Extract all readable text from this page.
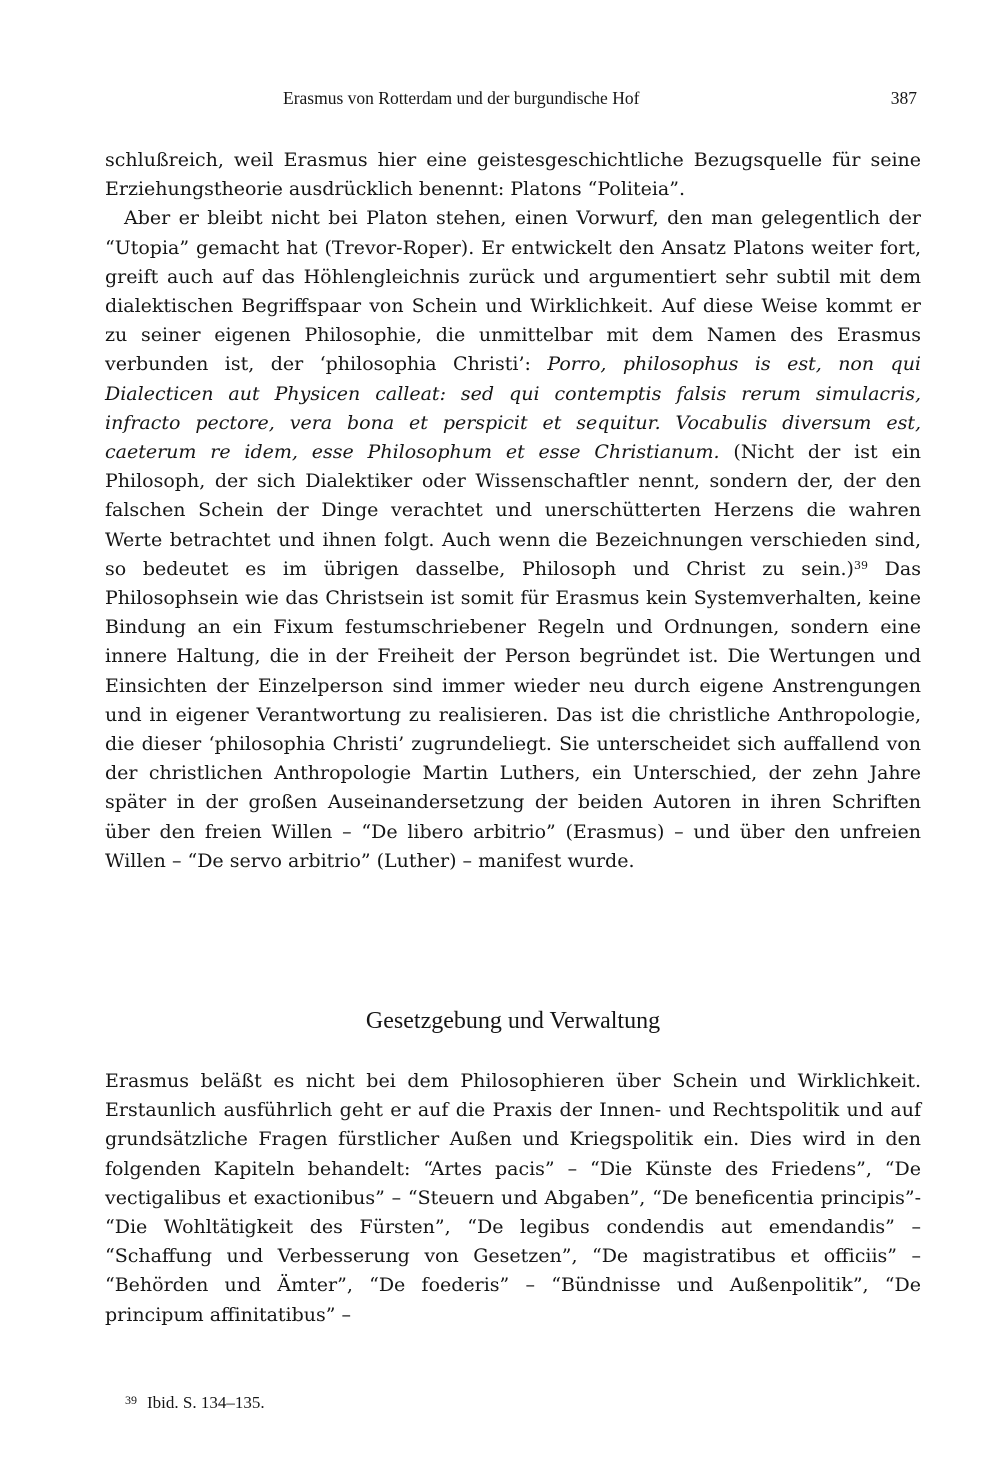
Erasmus von Rotterdam und der burgundische Hof	387

schlußreich, weil Erasmus hier eine geistesgeschichtliche Bezugsquelle für seine Erziehungstheorie ausdrücklich benennt: Platons “Politeia”.

Aber er bleibt nicht bei Platon stehen, einen Vorwurf, den man gelegentlich der “Utopia” gemacht hat (Trevor-Roper). Er entwickelt den Ansatz Platons weiter fort, greift auch auf das Höhlengleichnis zurück und argumentiert sehr subtil mit dem dialektischen Begriffspaar von Schein und Wirklichkeit. Auf diese Weise kommt er zu seiner eigenen Philosophie, die unmittelbar mit dem Namen des Erasmus verbunden ist, der ‘philosophia Christi’: Porro, philosophus is est, non qui Dialecticen aut Physicen calleat: sed qui contemptis falsis rerum simulacris, infracto pectore, vera bona et perspicit et sequitur. Vocabulis diversum est, caeterum re idem, esse Philosophum et esse Christianum. (Nicht der ist ein Philosoph, der sich Dialektiker oder Wissenschaftler nennt, sondern der, der den falschen Schein der Dinge verachtet und unerschütterten Herzens die wahren Werte betrachtet und ihnen folgt. Auch wenn die Bezeichnungen verschieden sind, so bedeutet es im übrigen dasselbe, Philosoph und Christ zu sein.)$^{39}$ Das Philosophsein wie das Christsein ist somit für Erasmus kein Systemverhalten, keine Bindung an ein Fixum festumschriebener Regeln und Ordnungen, sondern eine innere Haltung, die in der Freiheit der Person begründet ist. Die Wertungen und Einsichten der Einzelperson sind immer wieder neu durch eigene Anstrengungen und in eigener Verantwortung zu realisieren. Das ist die christliche Anthropologie, die dieser ‘philosophia Christi’ zugrundeliegt. Sie unterscheidet sich auffallend von der christlichen Anthropologie Martin Luthers, ein Unterschied, der zehn Jahre später in der großen Auseinandersetzung der beiden Autoren in ihren Schriften über den freien Willen – “De libero arbitrio” (Erasmus) – und über den unfreien Willen – “De servo arbitrio” (Luther) – manifest wurde.

Gesetzgebung und Verwaltung

Erasmus beläßt es nicht bei dem Philosophieren über Schein und Wirklichkeit. Erstaunlich ausführlich geht er auf die Praxis der Innen- und Rechtspolitik und auf grundsätzliche Fragen fürstlicher Außen und Kriegspolitik ein. Dies wird in den folgenden Kapiteln behandelt: “Artes pacis” – “Die Künste des Friedens”, “De vectigalibus et exactionibus” – “Steuern und Abgaben”, “De beneficentia principis”- “Die Wohltätigkeit des Fürsten”, “De legibus condendis aut emendandis” – “Schaffung und Verbesserung von Gesetzen”, “De magistratibus et officiis” – “Behörden und Ämter”, “De foederis” – “Bündnisse und Außenpolitik”, “De principum affinitatibus” –

$^{39}$ Ibid. S. 134–135.
